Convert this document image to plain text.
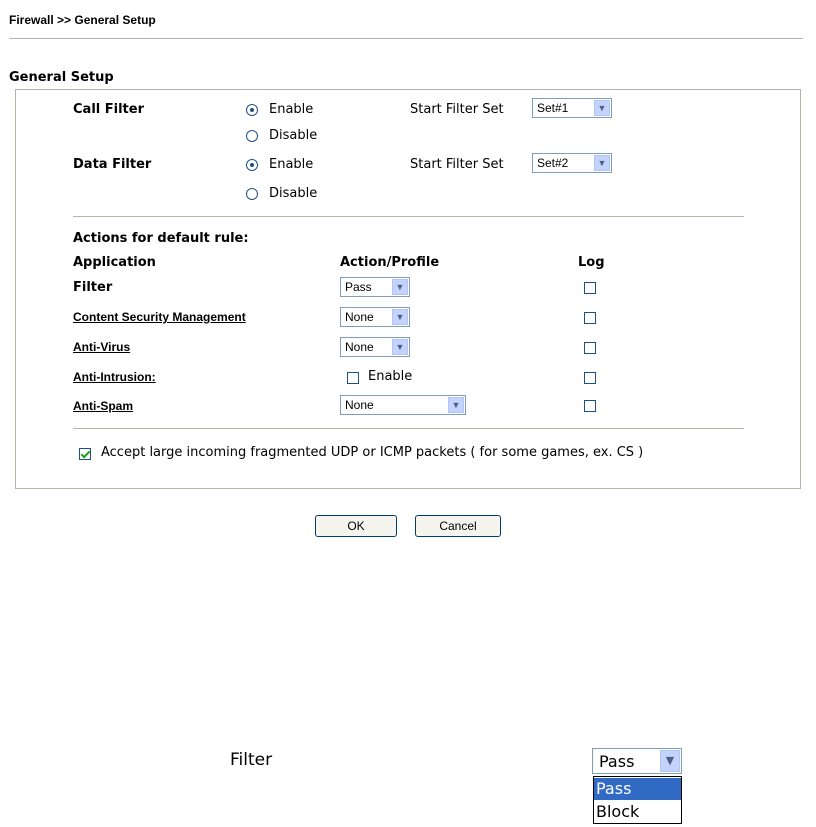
Firewall >> General Setup
General Setup
Call Filter	Enable	Start Filter Set	Set#1	▼
Disable
Data Filter	Enable	Start Filter Set	Set#2	▼
Disable
Actions for default rule:
Application	Action/Profile	Log
Filter	Pass	▼
Content Security Management	None	▼
Anti-Virus	None	▼
Anti-Intrusion:	Enable
Anti-Spam	None	▼
Accept large incoming fragmented UDP or ICMP packets ( for some games, ex. CS )
OK	Cancel
Filter	Pass	▼
Pass
Block
